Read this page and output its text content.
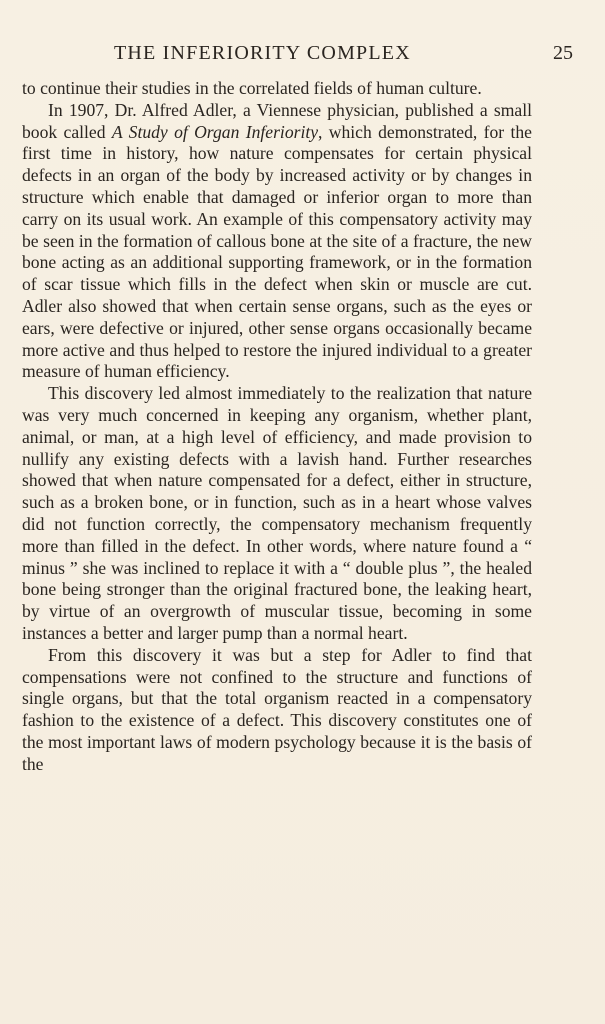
THE INFERIORITY COMPLEX	25

to continue their studies in the correlated fields of human culture.

In 1907, Dr. Alfred Adler, a Viennese physician, published a small book called A Study of Organ Inferiority, which demonstrated, for the first time in history, how nature compensates for certain physical defects in an organ of the body by increased activity or by changes in structure which enable that damaged or inferior organ to more than carry on its usual work. An example of this compensatory activity may be seen in the formation of callous bone at the site of a fracture, the new bone acting as an additional supporting framework, or in the formation of scar tissue which fills in the defect when skin or muscle are cut. Adler also showed that when certain sense organs, such as the eyes or ears, were defective or injured, other sense organs occasionally became more active and thus helped to restore the injured individual to a greater measure of human efficiency.

This discovery led almost immediately to the realization that nature was very much concerned in keeping any organism, whether plant, animal, or man, at a high level of efficiency, and made provision to nullify any existing defects with a lavish hand. Further researches showed that when nature compensated for a defect, either in structure, such as a broken bone, or in function, such as in a heart whose valves did not function correctly, the compensatory mechanism frequently more than filled in the defect. In other words, where nature found a “ minus ” she was inclined to replace it with a “ double plus ”, the healed bone being stronger than the original fractured bone, the leaking heart, by virtue of an overgrowth of muscular tissue, becoming in some instances a better and larger pump than a normal heart.

From this discovery it was but a step for Adler to find that compensations were not confined to the structure and functions of single organs, but that the total organism reacted in a compensatory fashion to the existence of a defect. This discovery constitutes one of the most important laws of modern psychology because it is the basis of the
